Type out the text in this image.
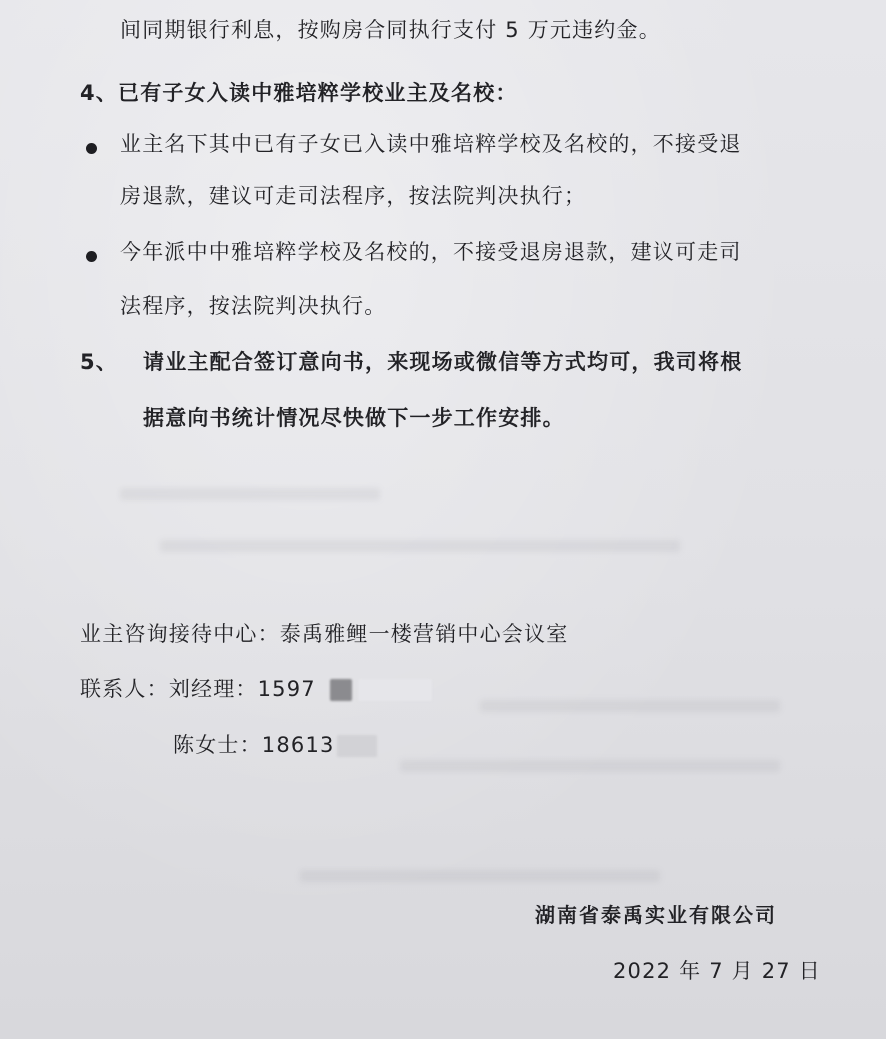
间同期银行利息，按购房合同执行支付 5 万元违约金。
4、已有子女入读中雅培粹学校业主及名校：
业主名下其中已有子女已入读中雅培粹学校及名校的，不接受退
房退款，建议可走司法程序，按法院判决执行；
今年派中中雅培粹学校及名校的，不接受退房退款，建议可走司
法程序，按法院判决执行。
5、 请业主配合签订意向书，来现场或微信等方式均可，我司将根
据意向书统计情况尽快做下一步工作安排。
业主咨询接待中心：泰禹雅鲤一楼营销中心会议室
联系人：刘经理：1597
陈女士：18613
湖南省泰禹实业有限公司
2022 年 7 月 27 日
